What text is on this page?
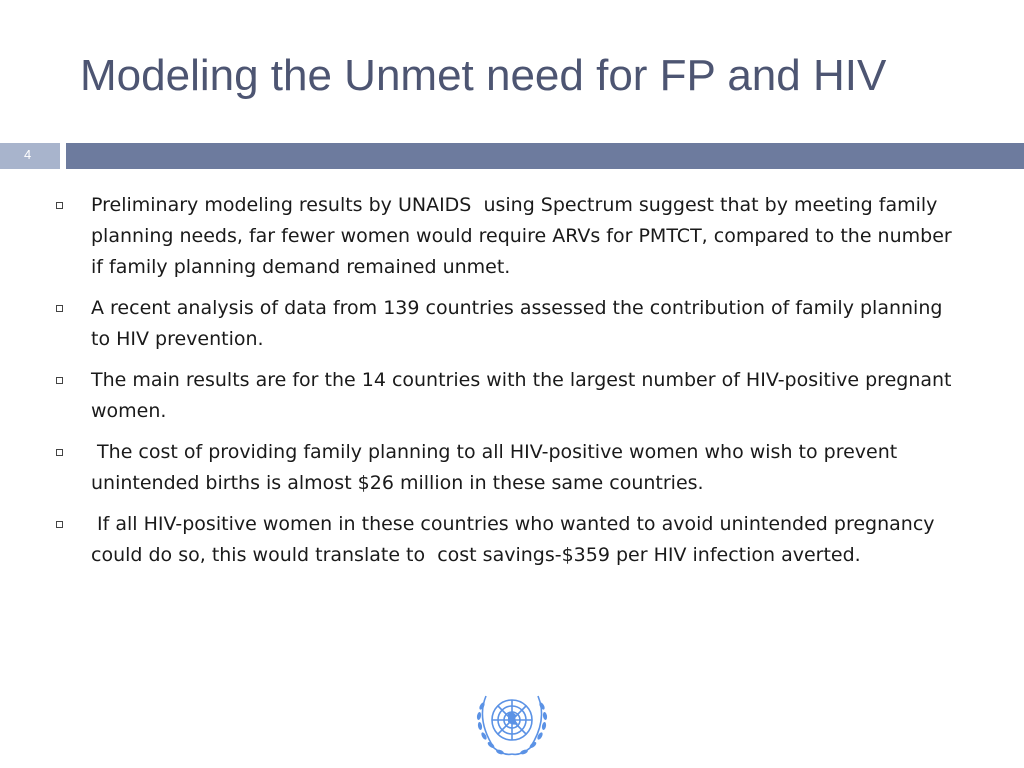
Modeling the Unmet need for FP and HIV
4
Preliminary modeling results by UNAIDS  using Spectrum suggest that by meeting family planning needs, far fewer women would require ARVs for PMTCT, compared to the number if family planning demand remained unmet.
A recent analysis of data from 139 countries assessed the contribution of family planning to HIV prevention.
The main results are for the 14 countries with the largest number of HIV-positive pregnant women.
The cost of providing family planning to all HIV-positive women who wish to prevent unintended births is almost $26 million in these same countries.
If all HIV-positive women in these countries who wanted to avoid unintended pregnancy could do so, this would translate to  cost savings-$359 per HIV infection averted.
